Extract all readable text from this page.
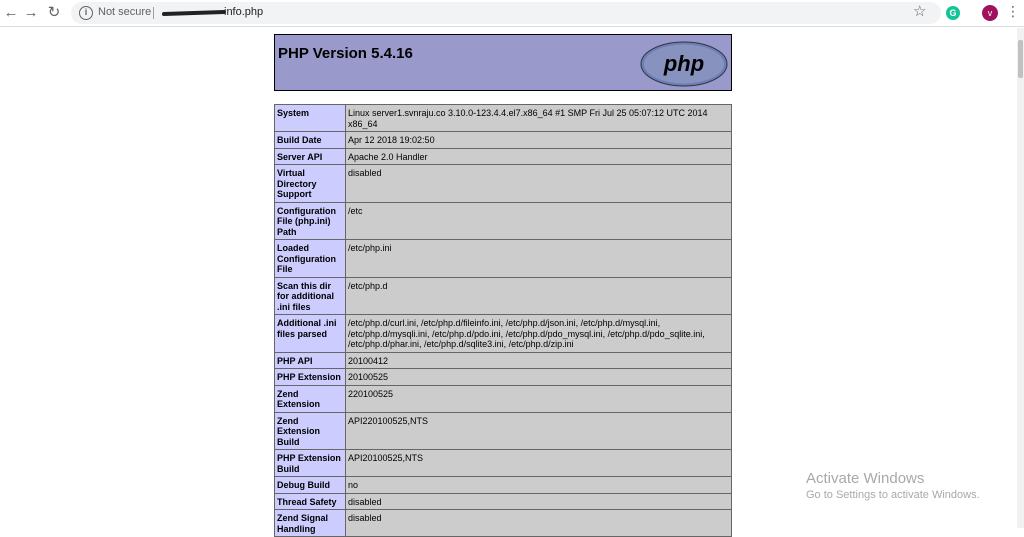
← → ↻	i Not secure	info.php	☆	G	v ⋮
PHP Version 5.4.16	php
System	Linux server1.svnraju.co 3.10.0-123.4.4.el7.x86_64 #1 SMP Fri Jul 25 05:07:12 UTC 2014 x86_64
Build Date	Apr 12 2018 19:02:50
Server API	Apache 2.0 Handler
Virtual Directory Support	disabled
Configuration File (php.ini) Path	/etc
Loaded Configuration File	/etc/php.ini
Scan this dir for additional .ini files	/etc/php.d
Additional .ini files parsed	/etc/php.d/curl.ini, /etc/php.d/fileinfo.ini, /etc/php.d/json.ini, /etc/php.d/mysql.ini, /etc/php.d/mysqli.ini, /etc/php.d/pdo.ini, /etc/php.d/pdo_mysql.ini, /etc/php.d/pdo_sqlite.ini, /etc/php.d/phar.ini, /etc/php.d/sqlite3.ini, /etc/php.d/zip.ini
PHP API	20100412
PHP Extension	20100525
Zend Extension	220100525
Zend Extension Build	API220100525,NTS
PHP Extension Build	API20100525,NTS
Debug Build	no
Thread Safety	disabled
Zend Signal Handling	disabled
Activate Windows
Go to Settings to activate Windows.
